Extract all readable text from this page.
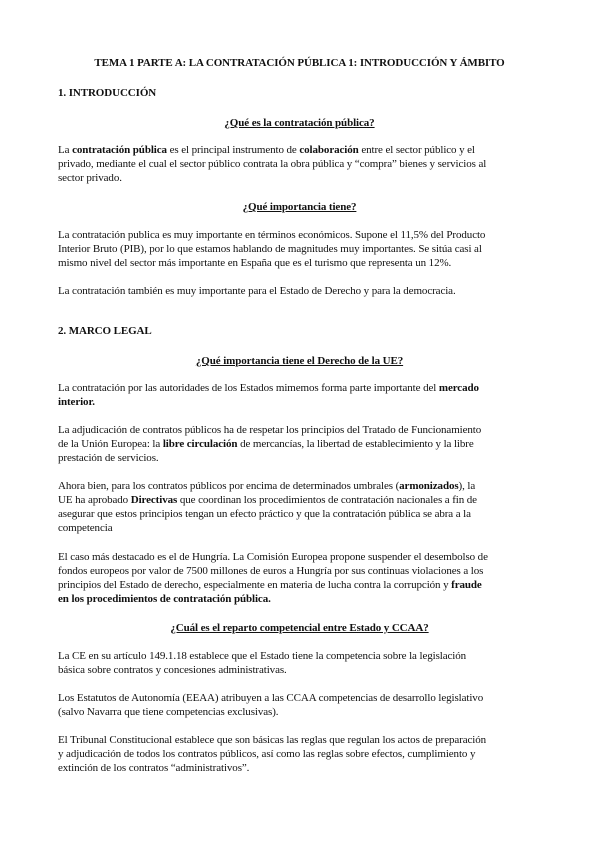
TEMA 1 PARTE A: LA CONTRATACIÓN PÚBLICA 1: INTRODUCCIÓN Y ÁMBITO
1. INTRODUCCIÓN
¿Qué es la contratación pública?
La contratación pública es el principal instrumento de colaboración entre el sector público y el
privado, mediante el cual el sector público contrata la obra pública y “compra” bienes y servicios al
sector privado.
¿Qué importancia tiene?
La contratación publica es muy importante en términos económicos. Supone el 11,5% del Producto
Interior Bruto (PIB), por lo que estamos hablando de magnitudes muy importantes. Se sitúa casi al
mismo nivel del sector más importante en España que es el turismo que representa un 12%.
La contratación también es muy importante para el Estado de Derecho y para la democracia.
2. MARCO LEGAL
¿Qué importancia tiene el Derecho de la UE?
La contratación por las autoridades de los Estados mimemos forma parte importante del mercado
interior.
La adjudicación de contratos públicos ha de respetar los principios del Tratado de Funcionamiento
de la Unión Europea: la libre circulación de mercancías, la libertad de establecimiento y la libre
prestación de servicios.
Ahora bien, para los contratos públicos por encima de determinados umbrales (armonizados), la
UE ha aprobado Directivas que coordinan los procedimientos de contratación nacionales a fin de
asegurar que estos principios tengan un efecto práctico y que la contratación pública se abra a la
competencia
El caso más destacado es el de Hungría. La Comisión Europea propone suspender el desembolso de
fondos europeos por valor de 7500 millones de euros a Hungría por sus continuas violaciones a los
principios del Estado de derecho, especialmente en materia de lucha contra la corrupción y fraude
en los procedimientos de contratación pública.
¿Cuál es el reparto competencial entre Estado y CCAA?
La CE en su artículo 149.1.18 establece que el Estado tiene la competencia sobre la legislación
básica sobre contratos y concesiones administrativas.
Los Estatutos de Autonomía (EEAA) atribuyen a las CCAA competencias de desarrollo legislativo
(salvo Navarra que tiene competencias exclusivas).
El Tribunal Constitucional establece que son básicas las reglas que regulan los actos de preparación
y adjudicación de todos los contratos públicos, así como las reglas sobre efectos, cumplimiento y
extinción de los contratos “administrativos”.
